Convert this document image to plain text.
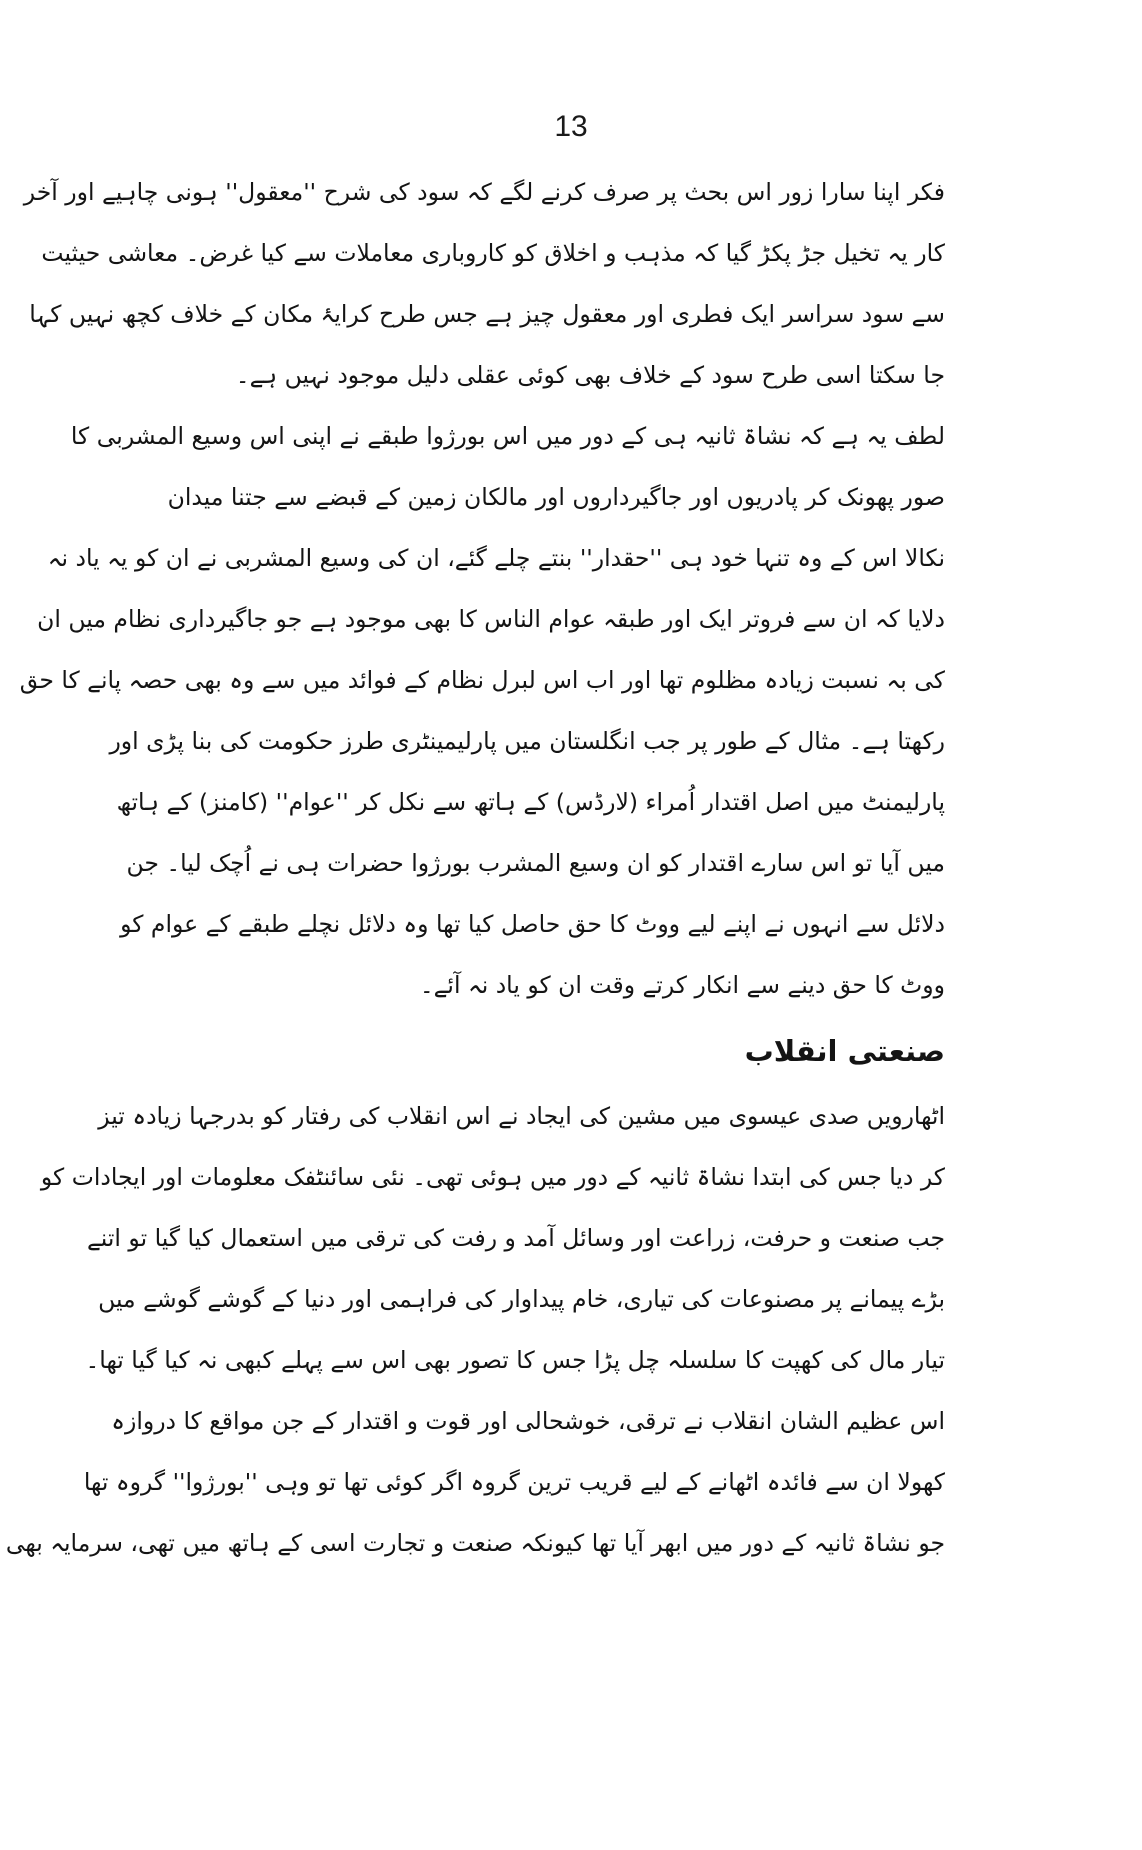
13
فکر اپنا سارا زور اس بحث پر صرف کرنے لگے کہ سود کی شرح ''معقول'' ہونی چاہیے اور آخر
کار یہ تخیل جڑ پکڑ گیا کہ مذہب و اخلاق کو کاروباری معاملات سے کیا غرض۔ معاشی حیثیت
سے سود سراسر ایک فطری اور معقول چیز ہے جس طرح کرایۂ مکان کے خلاف کچھ نہیں کہا
جا سکتا اسی طرح سود کے خلاف بھی کوئی عقلی دلیل موجود نہیں ہے۔
لطف یہ ہے کہ نشاۃ ثانیہ ہی کے دور میں اس بورژوا طبقے نے اپنی اس وسیع المشربی کا
صور پھونک کر پادریوں اور جاگیرداروں اور مالکان زمین کے قبضے سے جتنا میدان
نکالا اس کے وہ تنہا خود ہی ''حقدار'' بنتے چلے گئے، ان کی وسیع المشربی نے ان کو یہ یاد نہ
دلایا کہ ان سے فروتر ایک اور طبقہ عوام الناس کا بھی موجود ہے جو جاگیرداری نظام میں ان
کی بہ نسبت زیادہ مظلوم تھا اور اب اس لبرل نظام کے فوائد میں سے وہ بھی حصہ پانے کا حق
رکھتا ہے۔ مثال کے طور پر جب انگلستان میں پارلیمینٹری طرز حکومت کی بنا پڑی اور
پارلیمنٹ میں اصل اقتدار اُمراء (لارڈس) کے ہاتھ سے نکل کر ''عوام'' (کامنز) کے ہاتھ
میں آیا تو اس سارے اقتدار کو ان وسیع المشرب بورژوا حضرات ہی نے اُچک لیا۔ جن
دلائل سے انہوں نے اپنے لیے ووٹ کا حق حاصل کیا تھا وہ دلائل نچلے طبقے کے عوام کو
ووٹ کا حق دینے سے انکار کرتے وقت ان کو یاد نہ آئے۔
صنعتی انقلاب
اٹھارویں صدی عیسوی میں مشین کی ایجاد نے اس انقلاب کی رفتار کو بدرجہا زیادہ تیز
کر دیا جس کی ابتدا نشاۃ ثانیہ کے دور میں ہوئی تھی۔ نئی سائنٹفک معلومات اور ایجادات کو
جب صنعت و حرفت، زراعت اور وسائل آمد و رفت کی ترقی میں استعمال کیا گیا تو اتنے
بڑے پیمانے پر مصنوعات کی تیاری، خام پیداوار کی فراہمی اور دنیا کے گوشے گوشے میں
تیار مال کی کھپت کا سلسلہ چل پڑا جس کا تصور بھی اس سے پہلے کبھی نہ کیا گیا تھا۔
اس عظیم الشان انقلاب نے ترقی، خوشحالی اور قوت و اقتدار کے جن مواقع کا دروازہ
کھولا ان سے فائدہ اٹھانے کے لیے قریب ترین گروہ اگر کوئی تھا تو وہی ''بورژوا'' گروہ تھا
جو نشاۃ ثانیہ کے دور میں ابھر آیا تھا کیونکہ صنعت و تجارت اسی کے ہاتھ میں تھی، سرمایہ بھی
